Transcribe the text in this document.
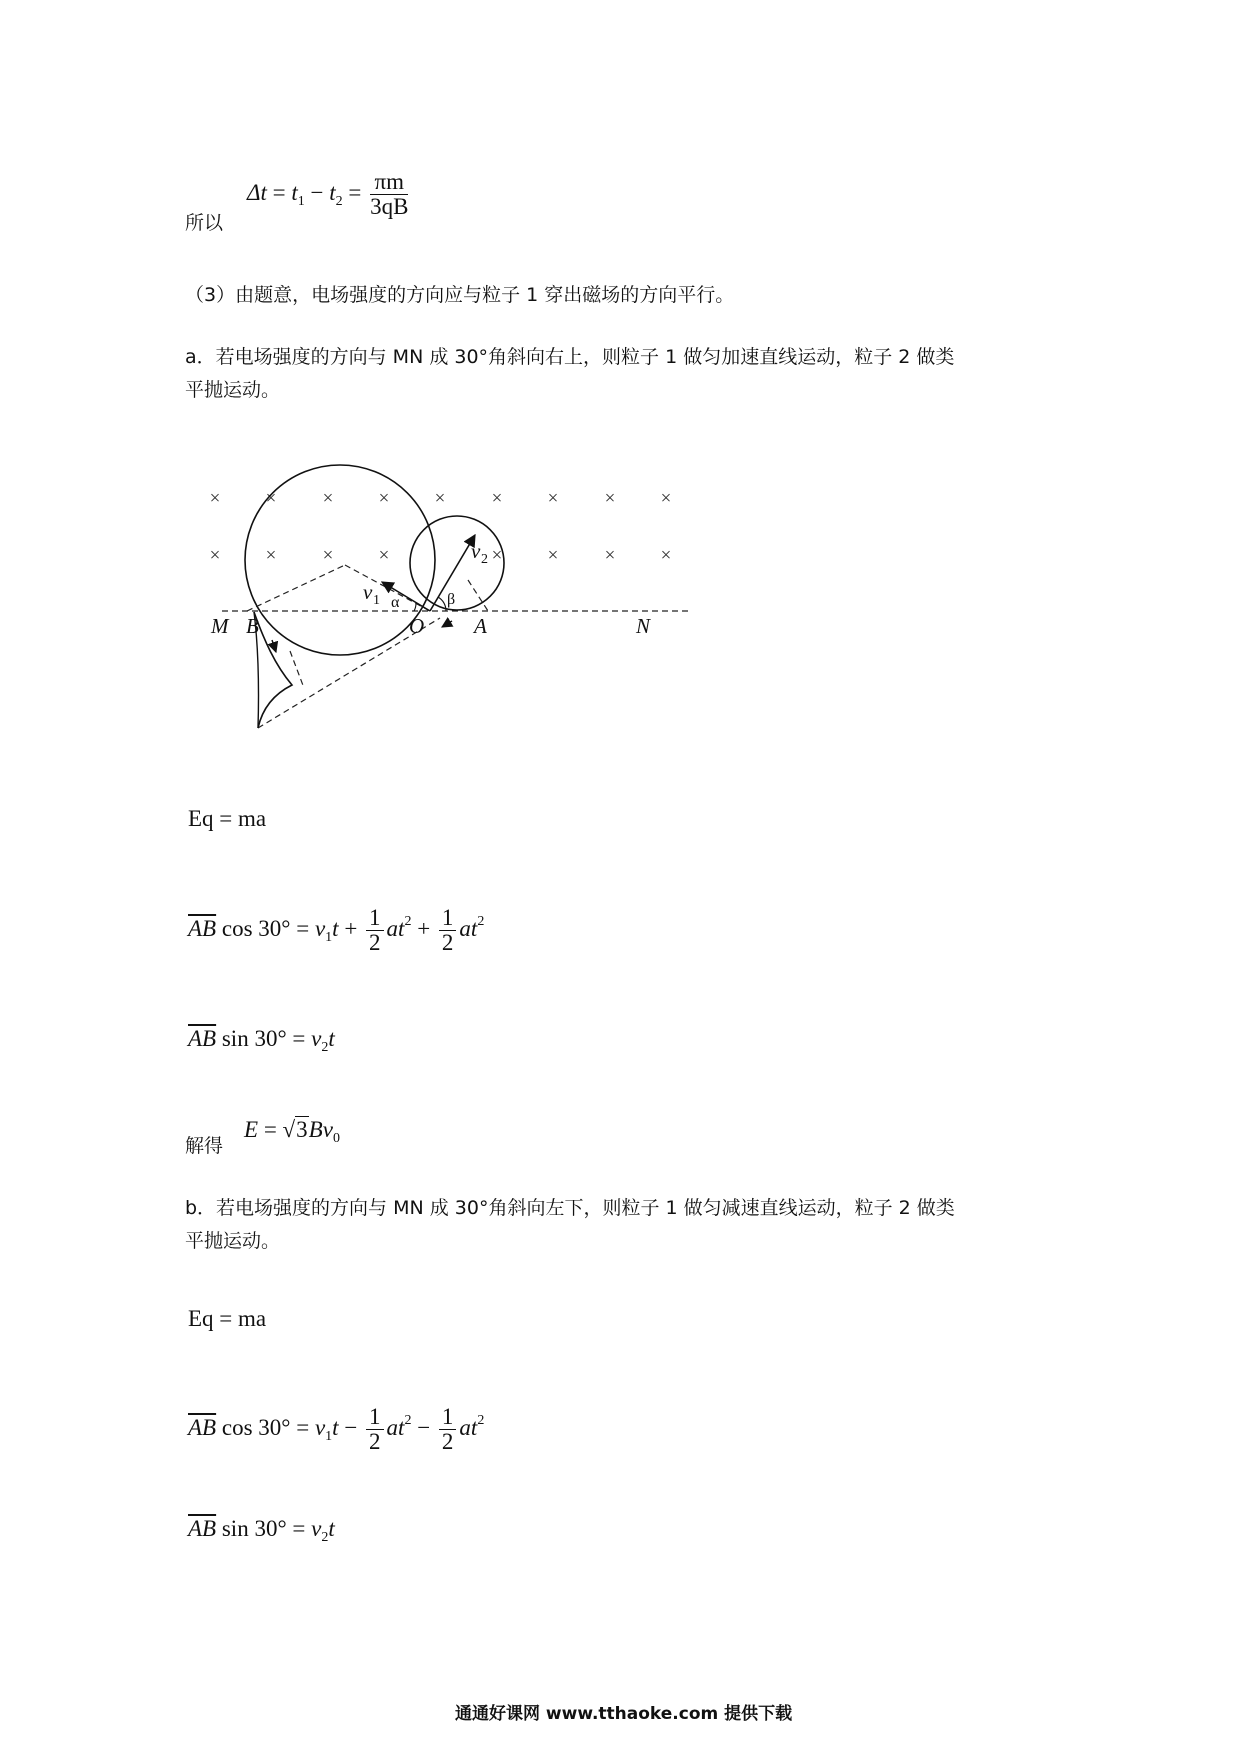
所以
$\Delta t = t_1 - t_2 = \frac{\pi m}{3qB}$
（3）由题意，电场强度的方向应与粒子 1 穿出磁场的方向平行。
a．若电场强度的方向与 MN 成 30°角斜向右上，则粒子 1 做匀加速直线运动，粒子 2 做类
平抛运动。
× × × × × × × × ×
× × × ×	× × × ×
M B	O A	N
v 1
v 2
α	β
Eq = ma
$\overline{AB}$ $\cos 30^\circ = v_1t + \frac{1}{2} at^2 + \frac{1}{2} at^2$
$\overline{AB}$ $\sin 30^\circ = v_2t$
解得
$E = √3Bv_0$
b．若电场强度的方向与 MN 成 30°角斜向左下，则粒子 1 做匀减速直线运动，粒子 2 做类
平抛运动。
Eq = ma
$\overline{AB}$ $\cos 30^\circ = v_1t - \frac{1}{2} at^2 - \frac{1}{2} at^2$
$\overline{AB}$ $\sin 30^\circ = v_2t$
通通好课网 www.tthaoke.com 提供下载
